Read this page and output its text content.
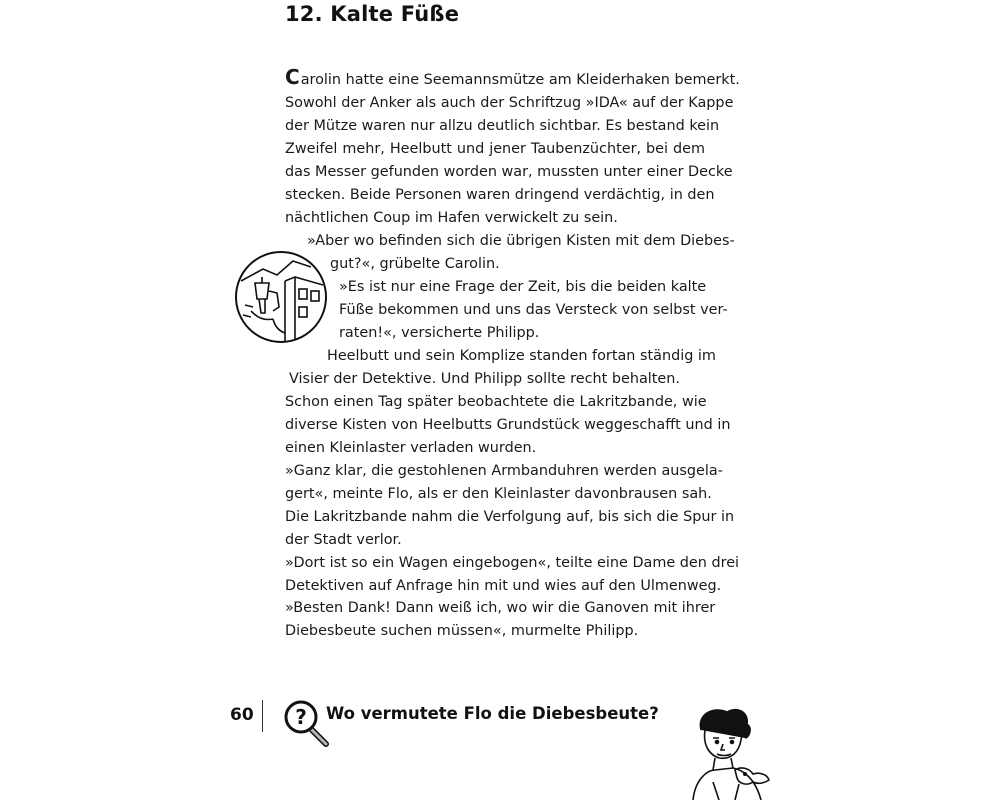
12. Kalte Füße
Carolin hatte eine Seemannsmütze am Kleiderhaken bemerkt.
Sowohl der Anker als auch der Schriftzug »IDA« auf der Kappe
der Mütze waren nur allzu deutlich sichtbar. Es bestand kein
Zweifel mehr, Heelbutt und jener Taubenzüchter, bei dem
das Messer gefunden worden war, mussten unter einer Decke
stecken. Beide Personen waren dringend verdächtig, in den
nächtlichen Coup im Hafen verwickelt zu sein.
»Aber wo befinden sich die übrigen Kisten mit dem Diebes-
gut?«, grübelte Carolin.
»Es ist nur eine Frage der Zeit, bis die beiden kalte
Füße bekommen und uns das Versteck von selbst ver-
raten!«, versicherte Philipp.
Heelbutt und sein Komplize standen fortan ständig im
Visier der Detektive. Und Philipp sollte recht behalten.
Schon einen Tag später beobachtete die Lakritzbande, wie
diverse Kisten von Heelbutts Grundstück weggeschafft und in
einen Kleinlaster verladen wurden.
»Ganz klar, die gestohlenen Armbanduhren werden ausgela-
gert«, meinte Flo, als er den Kleinlaster davonbrausen sah.
Die Lakritzbande nahm die Verfolgung auf, bis sich die Spur in
der Stadt verlor.
»Dort ist so ein Wagen eingebogen«, teilte eine Dame den drei
Detektiven auf Anfrage hin mit und wies auf den Ulmenweg.
»Besten Dank! Dann weiß ich, wo wir die Ganoven mit ihrer
Diebesbeute suchen müssen«, murmelte Philipp.
60 ? Wo vermutete Flo die Diebesbeute?
